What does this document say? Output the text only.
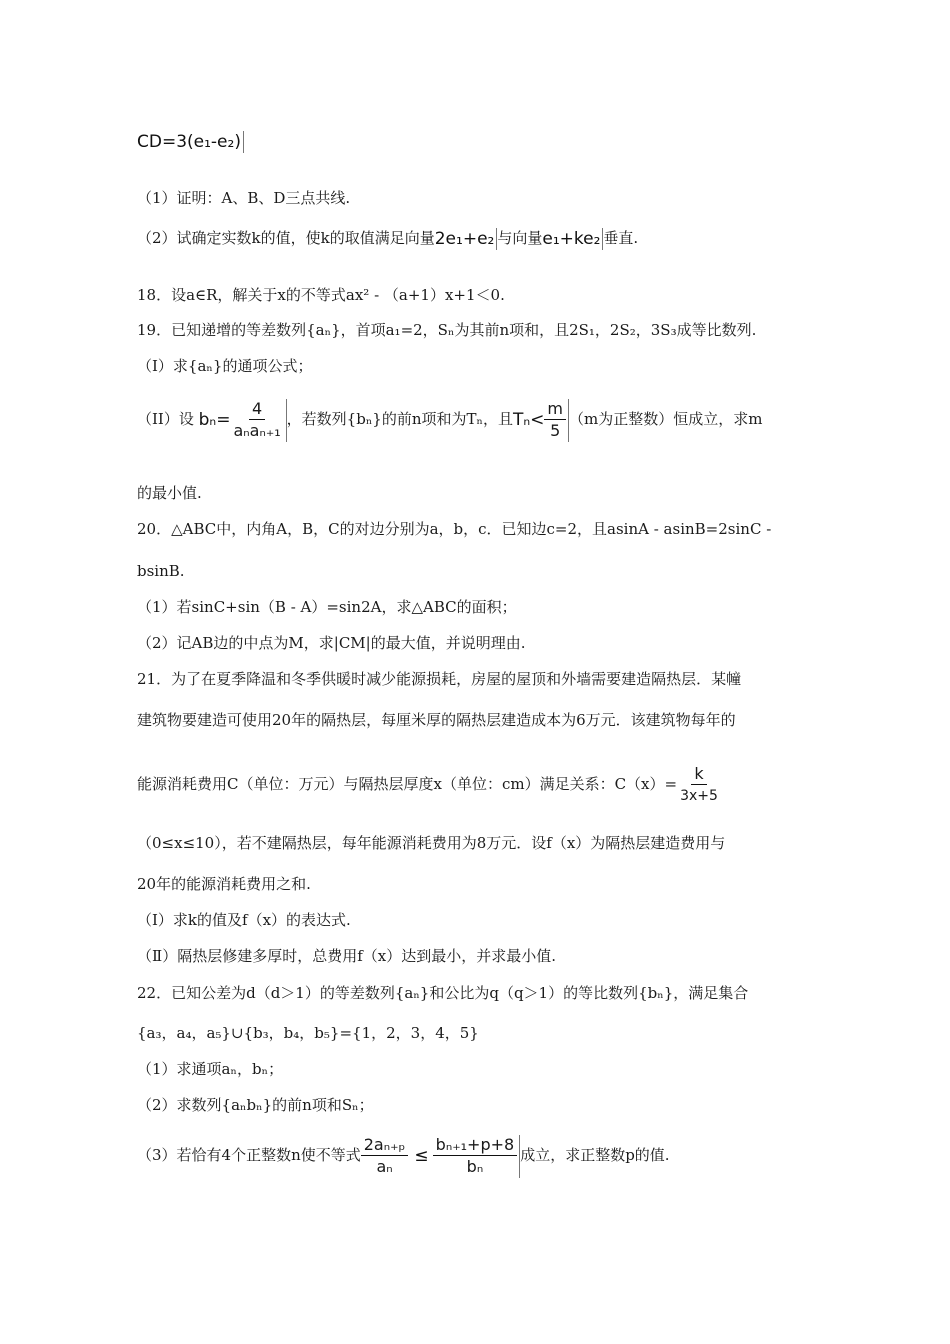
CD=3(e₁-e₂)
（1）证明：A、B、D三点共线.
（2）试确定实数k的值，使k的取值满足向量2e₁+e₂ 与向量e₁+ke₂ 垂直.
18．设a∈R，解关于x的不等式ax² - （a+1）x+1＜0.
19．已知递增的等差数列{aₙ}，首项a₁=2，Sₙ为其前n项和，且2S₁，2S₂，3S₃成等比数列.
（I）求{aₙ}的通项公式；
（II）设 $b_n= \frac{4}{\text{aₙaₙ₊₁}}$ ，若数列{bₙ}的前n项和为Tₙ，且$T_n< \frac{m}{5} (m$为正整数）恒成立，求m
的最小值.
20．△ABC中，内角A，B，C的对边分别为a，b，c．已知边c=2，且asinA - asinB=2sinC -
bsinB.
（1）若sinC+sin（B - A）=sin2A，求△ABC的面积；
（2）记AB边的中点为M，求|CM|的最大值，并说明理由.
21．为了在夏季降温和冬季供暖时减少能源损耗，房屋的屋顶和外墙需要建造隔热层．某幢
建筑物要建造可使用20年的隔热层，每厘米厚的隔热层建造成本为6万元．该建筑物每年的
能源消耗费用C（单位：万元）与隔热层厚度x（单位：cm）满足关系：$C(x)= \frac{k}{3x+5}$
（0≤x≤10），若不建隔热层，每年能源消耗费用为8万元．设f（x）为隔热层建造费用与
20年的能源消耗费用之和.
（Ⅰ）求k的值及f（x）的表达式.
（Ⅱ）隔热层修建多厚时，总费用f（x）达到最小，并求最小值.
22．已知公差为d（d＞1）的等差数列{aₙ}和公比为q（q＞1）的等比数列{bₙ}，满足集合
{a₃，a₄，a₅}∪{b₃，b₄，b₅}={1，2，3，4，5}
（1）求通项aₙ，bₙ；
（2）求数列{aₙbₙ}的前n项和Sₙ；
（3）若恰有4个正整数n使不等式 $\frac{\text{2aₙ₊ₚ}}{\text{aₙ}} \le \frac{\text{bₙ₊₁+p+8}}{\text{bₙ}}$ 成立，求正整数p的值.
